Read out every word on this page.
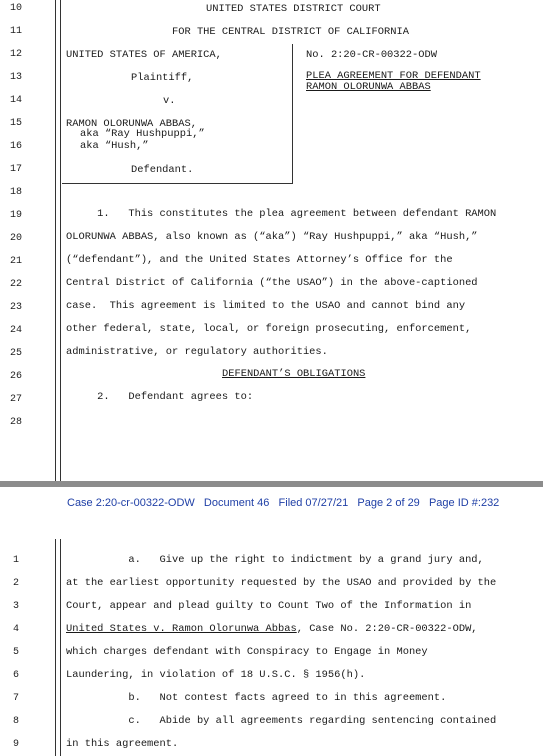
10
11
12
13
14
15
16
17
18
19
20
21
22
23
24
25
26
27
28
UNITED STATES DISTRICT COURT
FOR THE CENTRAL DISTRICT OF CALIFORNIA
UNITED STATES OF AMERICA,
Plaintiff,
v.
RAMON OLORUNWA ABBAS,
aka “Ray Hushpuppi,”
aka “Hush,”
Defendant.
No. 2:20-CR-00322-ODW
PLEA AGREEMENT FOR DEFENDANT
RAMON OLORUNWA ABBAS
1.   This constitutes the plea agreement between defendant RAMON
OLORUNWA ABBAS, also known as (“aka”) “Ray Hushpuppi,” aka “Hush,”
(“defendant”), and the United States Attorney’s Office for the
Central District of California (“the USAO”) in the above-captioned
case.  This agreement is limited to the USAO and cannot bind any
other federal, state, local, or foreign prosecuting, enforcement,
administrative, or regulatory authorities.
DEFENDANT’S OBLIGATIONS
2.   Defendant agrees to:
Case 2:20-cr-00322-ODW   Document 46   Filed 07/27/21   Page 2 of 29   Page ID #:232
1
2
3
4
5
6
7
8
9
a.   Give up the right to indictment by a grand jury and,
at the earliest opportunity requested by the USAO and provided by the
Court, appear and plead guilty to Count Two of the Information in
United States v. Ramon Olorunwa Abbas, Case No. 2:20-CR-00322-ODW,
which charges defendant with Conspiracy to Engage in Money
Laundering, in violation of 18 U.S.C. § 1956(h).
b.   Not contest facts agreed to in this agreement.
c.   Abide by all agreements regarding sentencing contained
in this agreement.
